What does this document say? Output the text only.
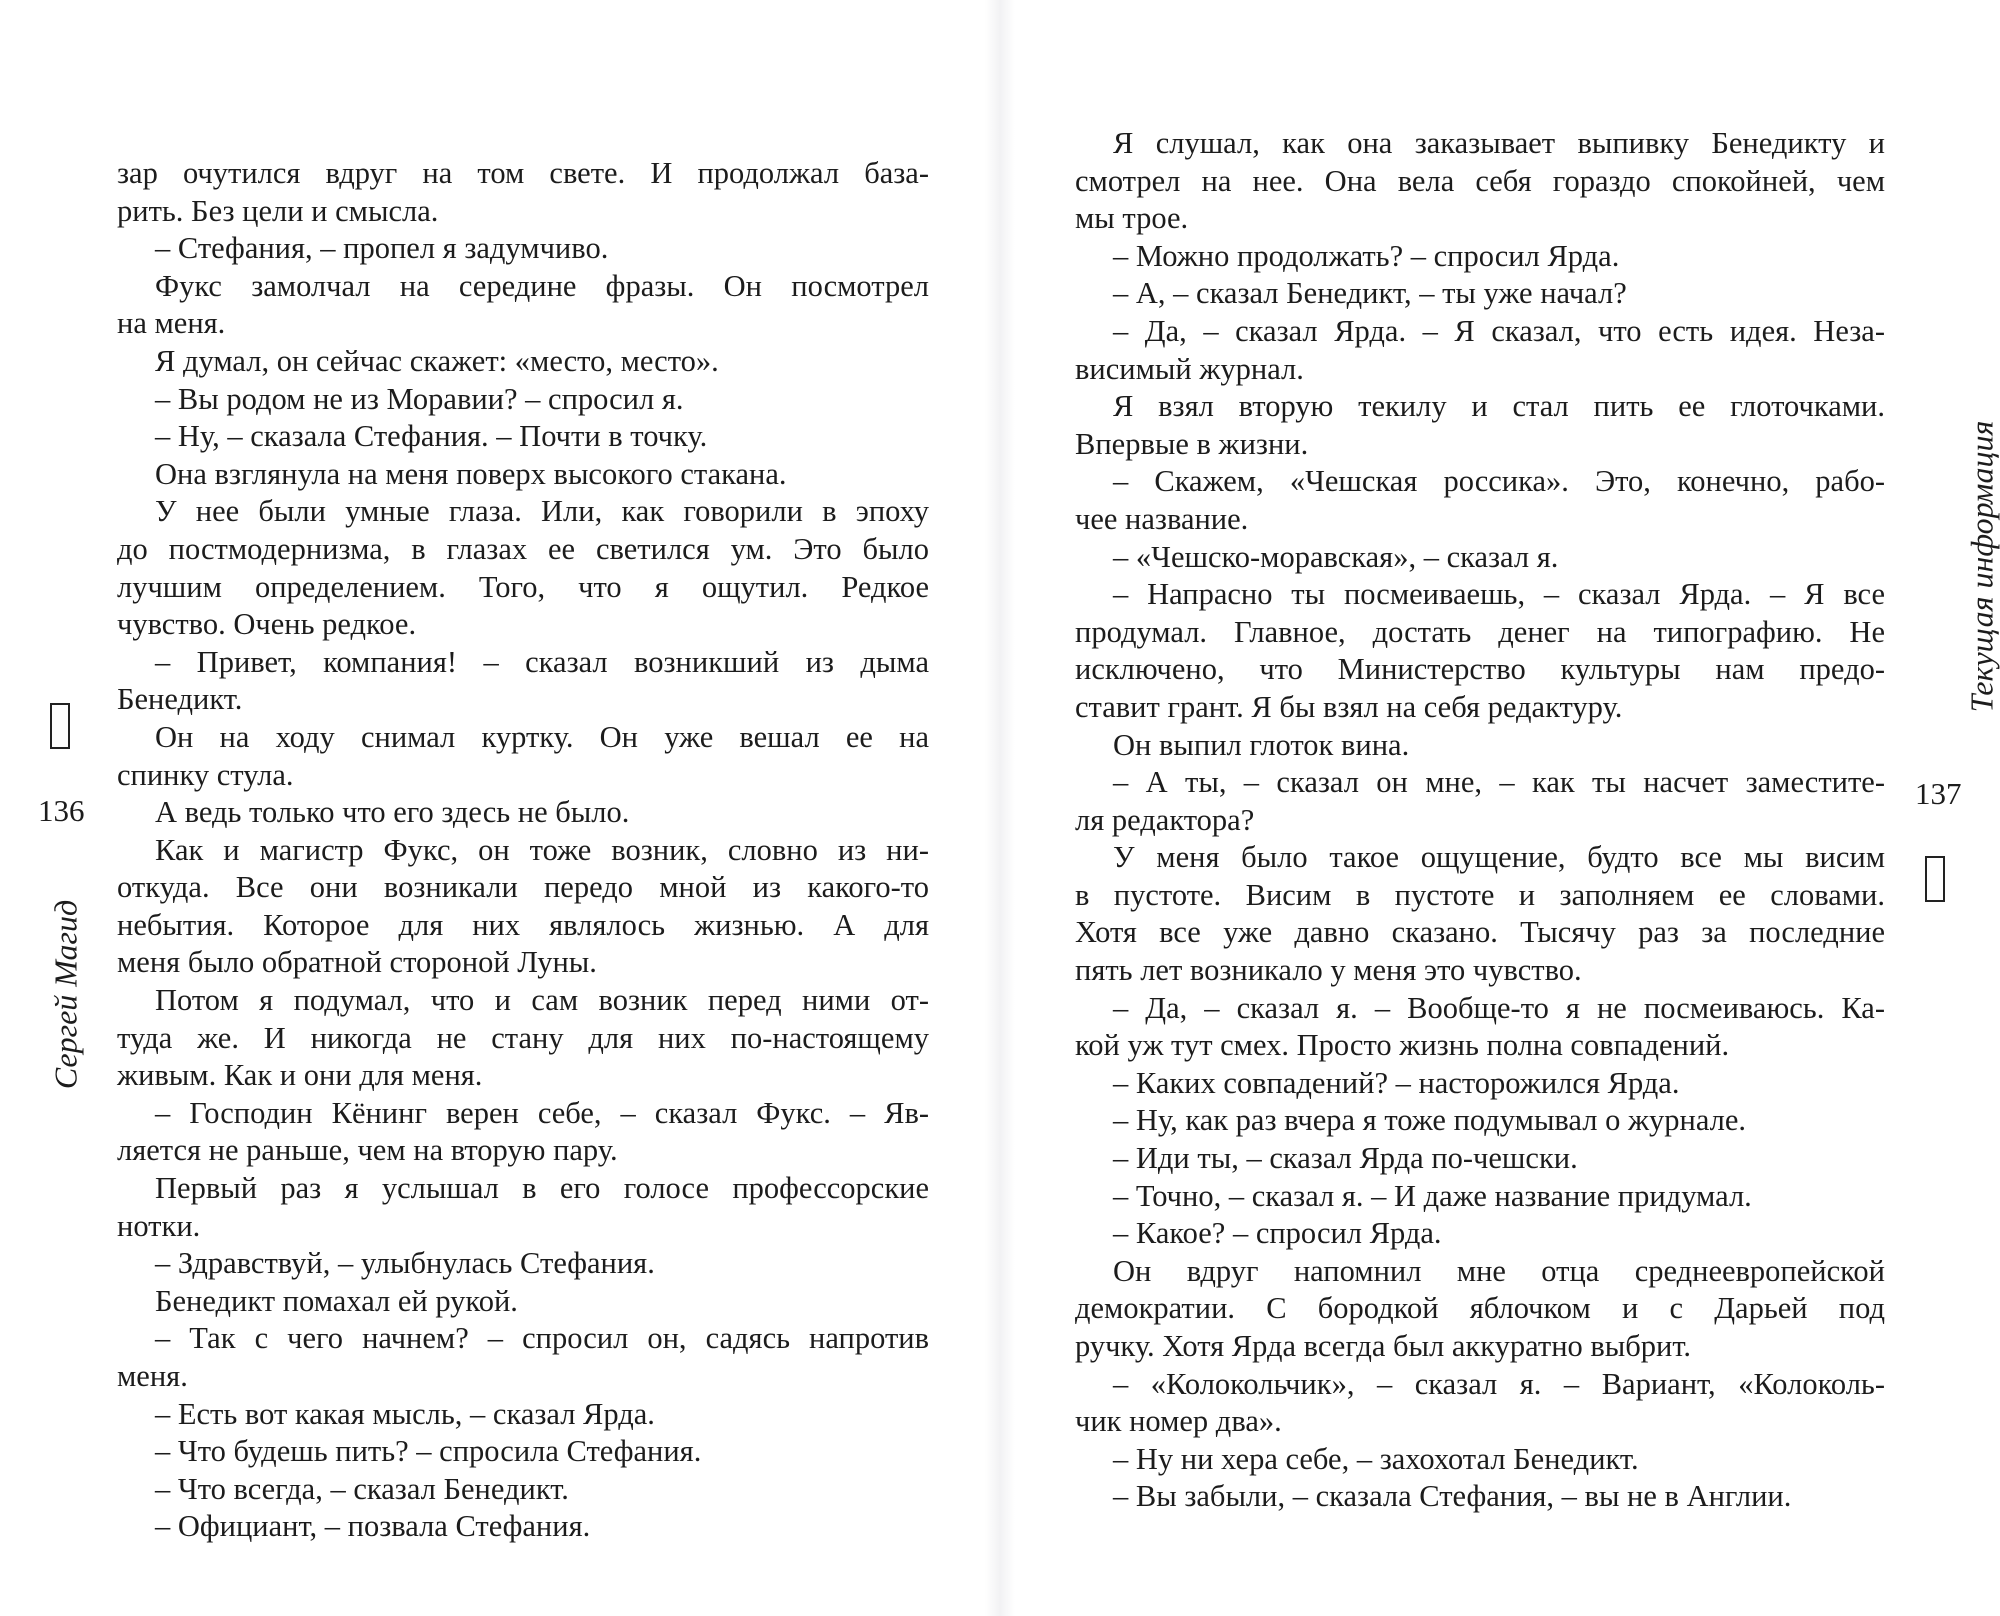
Сергей Магид
136
зар очутился вдруг на том свете. И продолжал база-
рить. Без цели и смысла.
– Стефания, – пропел я задумчиво.
Фукс замолчал на середине фразы. Он посмотрел
на меня.
Я думал, он сейчас скажет: «место, место».
– Вы родом не из Моравии? – спросил я.
– Ну, – сказала Стефания. – Почти в точку.
Она взглянула на меня поверх высокого стакана.
У нее были умные глаза. Или, как говорили в эпоху
до постмодернизма, в глазах ее светился ум. Это было
лучшим определением. Того, что я ощутил. Редкое
чувство. Очень редкое.
– Привет, компания! – сказал возникший из дыма
Бенедикт.
Он на ходу снимал куртку. Он уже вешал ее на
спинку стула.
А ведь только что его здесь не было.
Как и магистр Фукс, он тоже возник, словно из ни-
откуда. Все они возникали передо мной из какого-то
небытия. Которое для них являлось жизнью. А для
меня было обратной стороной Луны.
Потом я подумал, что и сам возник перед ними от-
туда же. И никогда не стану для них по-настоящему
живым. Как и они для меня.
– Господин Кёнинг верен себе, – сказал Фукс. – Яв-
ляется не раньше, чем на вторую пару.
Первый раз я услышал в его голосе профессорские
нотки.
– Здравствуй, – улыбнулась Стефания.
Бенедикт помахал ей рукой.
– Так с чего начнем? – спросил он, садясь напротив
меня.
– Есть вот какая мысль, – сказал Ярда.
– Что будешь пить? – спросила Стефания.
– Что всегда, – сказал Бенедикт.
– Официант, – позвала Стефания.
Текущая информация
137
Я слушал, как она заказывает выпивку Бенедикту и
смотрел на нее. Она вела себя гораздо спокойней, чем
мы трое.
– Можно продолжать? – спросил Ярда.
– А, – сказал Бенедикт, – ты уже начал?
– Да, – сказал Ярда. – Я сказал, что есть идея. Неза-
висимый журнал.
Я взял вторую текилу и стал пить ее глоточками.
Впервые в жизни.
– Скажем, «Чешская россика». Это, конечно, рабо-
чее название.
– «Чешско-моравская», – сказал я.
– Напрасно ты посмеиваешь, – сказал Ярда. – Я все
продумал. Главное, достать денег на типографию. Не
исключено, что Министерство культуры нам предо-
ставит грант. Я бы взял на себя редактуру.
Он выпил глоток вина.
– А ты, – сказал он мне, – как ты насчет заместите-
ля редактора?
У меня было такое ощущение, будто все мы висим
в пустоте. Висим в пустоте и заполняем ее словами.
Хотя все уже давно сказано. Тысячу раз за последние
пять лет возникало у меня это чувство.
– Да, – сказал я. – Вообще-то я не посмеиваюсь. Ка-
кой уж тут смех. Просто жизнь полна совпадений.
– Каких совпадений? – насторожился Ярда.
– Ну, как раз вчера я тоже подумывал о журнале.
– Иди ты, – сказал Ярда по-чешски.
– Точно, – сказал я. – И даже название придумал.
– Какое? – спросил Ярда.
Он вдруг напомнил мне отца среднеевропейской
демократии. С бородкой яблочком и с Дарьей под
ручку. Хотя Ярда всегда был аккуратно выбрит.
– «Колокольчик», – сказал я. – Вариант, «Колоколь-
чик номер два».
– Ну ни хера себе, – захохотал Бенедикт.
– Вы забыли, – сказала Стефания, – вы не в Англии.
